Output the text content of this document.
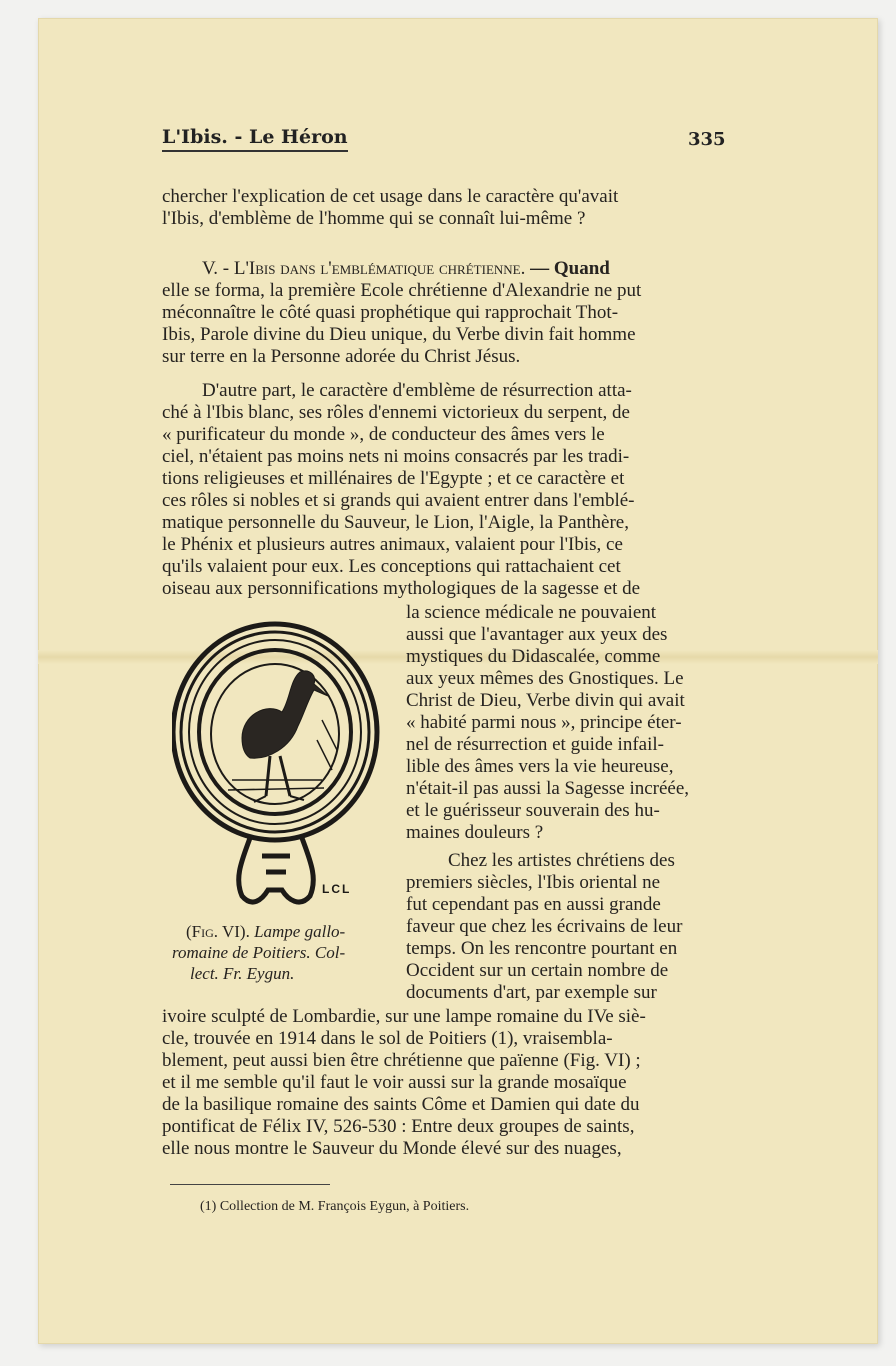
L'Ibis. - Le Héron	335
chercher l'explication de cet usage dans le caractère qu'avait
l'Ibis, d'emblème de l'homme qui se connaît lui-même ?
V. - L'Ibis dans l'emblématique chrétienne. — Quand
elle se forma, la première Ecole chrétienne d'Alexandrie ne put
méconnaître le côté quasi prophétique qui rapprochait Thot-
Ibis, Parole divine du Dieu unique, du Verbe divin fait homme
sur terre en la Personne adorée du Christ Jésus.
D'autre part, le caractère d'emblème de résurrection atta-
ché à l'Ibis blanc, ses rôles d'ennemi victorieux du serpent, de
« purificateur du monde », de conducteur des âmes vers le
ciel, n'étaient pas moins nets ni moins consacrés par les tradi-
tions religieuses et millénaires de l'Egypte ; et ce caractère et
ces rôles si nobles et si grands qui avaient entrer dans l'emblé-
matique personnelle du Sauveur, le Lion, l'Aigle, la Panthère,
le Phénix et plusieurs autres animaux, valaient pour l'Ibis, ce
qu'ils valaient pour eux. Les conceptions qui rattachaient cet
oiseau aux personnifications mythologiques de la sagesse et de
la science médicale ne pouvaient
aussi que l'avantager aux yeux des
mystiques du Didascalée, comme
aux yeux mêmes des Gnostiques. Le
Christ de Dieu, Verbe divin qui avait
« habité parmi nous », principe éter-
nel de résurrection et guide infail-
lible des âmes vers la vie heureuse,
n'était-il pas aussi la Sagesse incréée,
et le guérisseur souverain des hu-
maines douleurs ?
Chez les artistes chrétiens des
premiers siècles, l'Ibis oriental ne
fut cependant pas en aussi grande
faveur que chez les écrivains de leur
temps. On les rencontre pourtant en
Occident sur un certain nombre de
documents d'art, par exemple sur
ivoire sculpté de Lombardie, sur une lampe romaine du IVe siè-
cle, trouvée en 1914 dans le sol de Poitiers (1), vraisembla-
blement, peut aussi bien être chrétienne que païenne (Fig. VI) ;
et il me semble qu'il faut le voir aussi sur la grande mosaïque
de la basilique romaine des saints Côme et Damien qui date du
pontificat de Félix IV, 526-530 : Entre deux groupes de saints,
elle nous montre le Sauveur du Monde élevé sur des nuages,
LCL
(Fig. VI). Lampe gallo-
romaine de Poitiers. Col-
lect. Fr. Eygun.
(1) Collection de M. François Eygun, à Poitiers.
